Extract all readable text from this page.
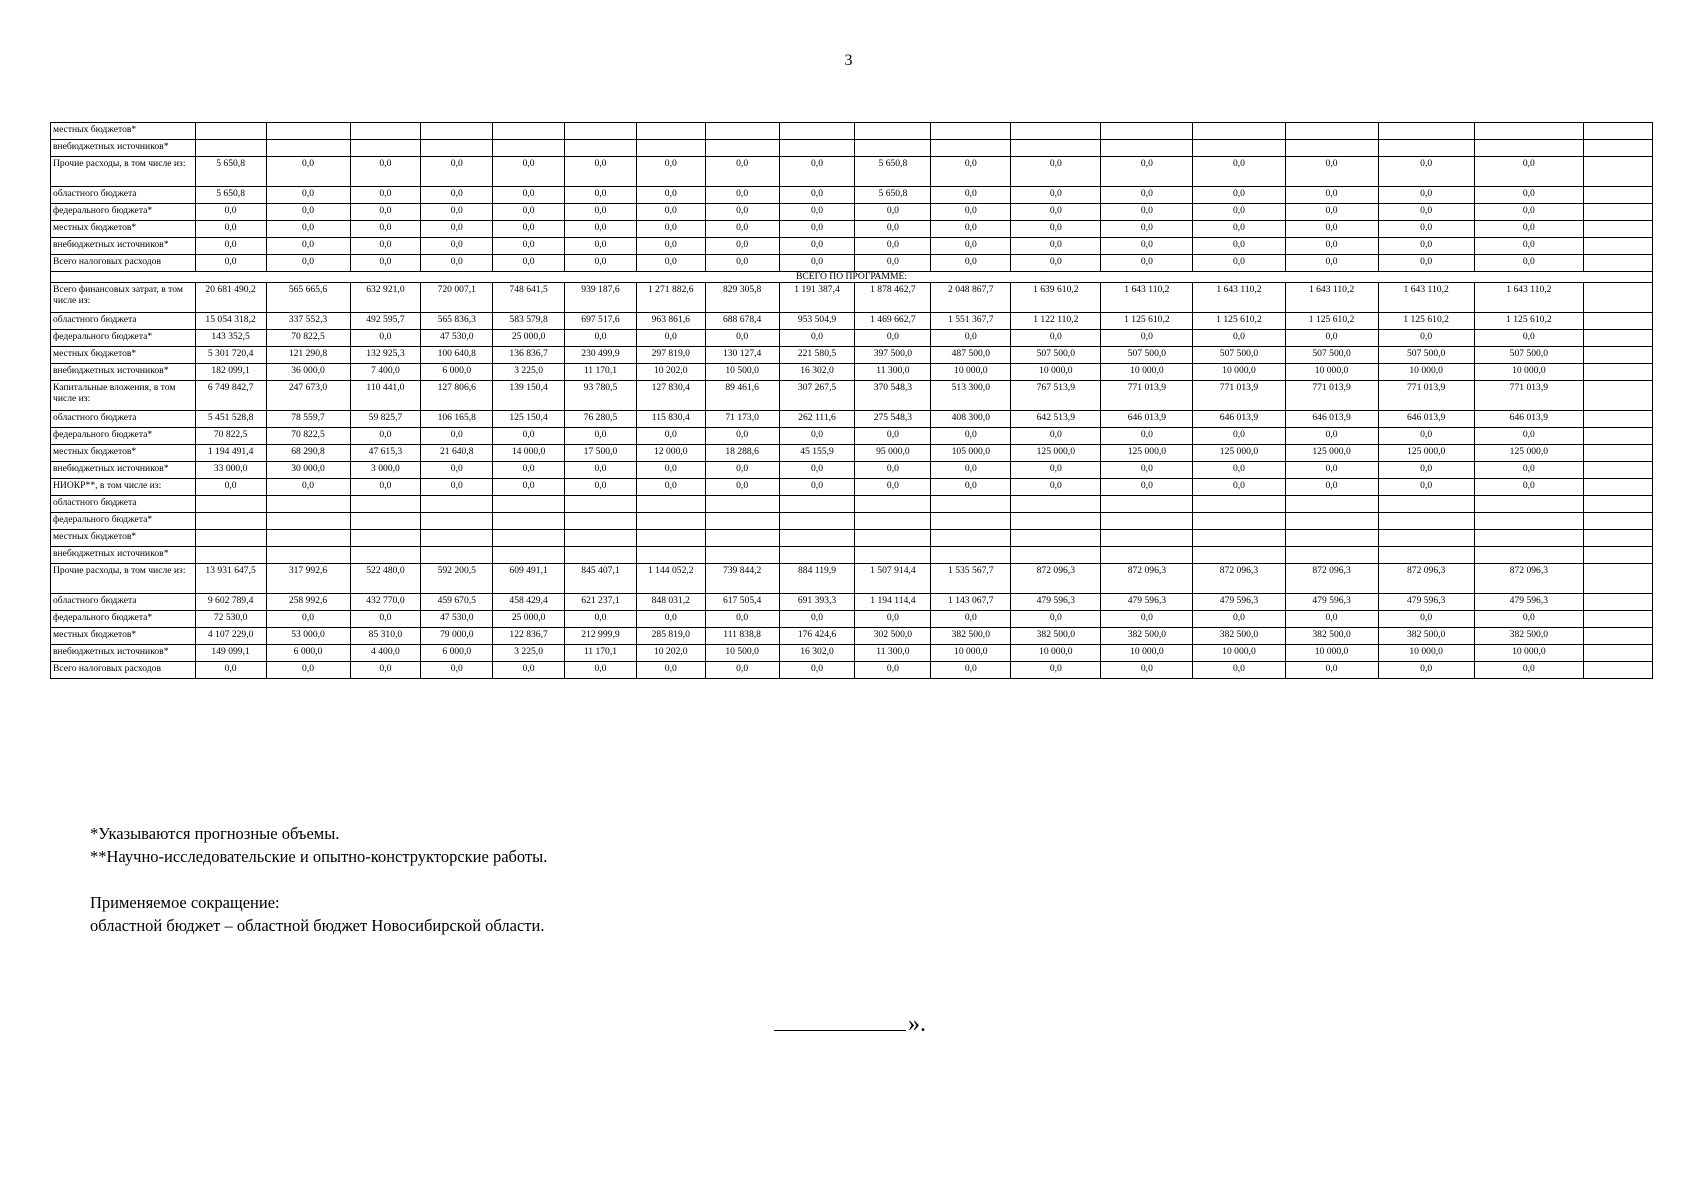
3
местных бюджетов*																		
внебюджетных источников*																		
Прочие расходы, в том числе из:	5 650,8	0,0	0,0	0,0	0,0	0,0	0,0	0,0	0,0	5 650,8	0,0	0,0	0,0	0,0	0,0	0,0	0,0	
областного бюджета	5 650,8	0,0	0,0	0,0	0,0	0,0	0,0	0,0	0,0	5 650,8	0,0	0,0	0,0	0,0	0,0	0,0	0,0	
федерального бюджета*	0,0	0,0	0,0	0,0	0,0	0,0	0,0	0,0	0,0	0,0	0,0	0,0	0,0	0,0	0,0	0,0	0,0	
местных бюджетов*	0,0	0,0	0,0	0,0	0,0	0,0	0,0	0,0	0,0	0,0	0,0	0,0	0,0	0,0	0,0	0,0	0,0	
внебюджетных источников*	0,0	0,0	0,0	0,0	0,0	0,0	0,0	0,0	0,0	0,0	0,0	0,0	0,0	0,0	0,0	0,0	0,0	
Всего налоговых расходов	0,0	0,0	0,0	0,0	0,0	0,0	0,0	0,0	0,0	0,0	0,0	0,0	0,0	0,0	0,0	0,0	0,0	
ВСЕГО ПО ПРОГРАММЕ:																		
Всего финансовых затрат, в том числе из:	20 681 490,2	565 665,6	632 921,0	720 007,1	748 641,5	939 187,6	1 271 882,6	829 305,8	1 191 387,4	1 878 462,7	2 048 867,7	1 639 610,2	1 643 110,2	1 643 110,2	1 643 110,2	1 643 110,2	1 643 110,2	
областного бюджета	15 054 318,2	337 552,3	492 595,7	565 836,3	583 579,8	697 517,6	963 861,6	688 678,4	953 504,9	1 469 662,7	1 551 367,7	1 122 110,2	1 125 610,2	1 125 610,2	1 125 610,2	1 125 610,2	1 125 610,2	
федерального бюджета*	143 352,5	70 822,5	0,0	47 530,0	25 000,0	0,0	0,0	0,0	0,0	0,0	0,0	0,0	0,0	0,0	0,0	0,0	0,0	
местных бюджетов*	5 301 720,4	121 290,8	132 925,3	100 640,8	136 836,7	230 499,9	297 819,0	130 127,4	221 580,5	397 500,0	487 500,0	507 500,0	507 500,0	507 500,0	507 500,0	507 500,0	507 500,0	
внебюджетных источников*	182 099,1	36 000,0	7 400,0	6 000,0	3 225,0	11 170,1	10 202,0	10 500,0	16 302,0	11 300,0	10 000,0	10 000,0	10 000,0	10 000,0	10 000,0	10 000,0	10 000,0	
Капитальные вложения, в том числе из:	6 749 842,7	247 673,0	110 441,0	127 806,6	139 150,4	93 780,5	127 830,4	89 461,6	307 267,5	370 548,3	513 300,0	767 513,9	771 013,9	771 013,9	771 013,9	771 013,9	771 013,9	
областного бюджета	5 451 528,8	78 559,7	59 825,7	106 165,8	125 150,4	76 280,5	115 830,4	71 173,0	262 111,6	275 548,3	408 300,0	642 513,9	646 013,9	646 013,9	646 013,9	646 013,9	646 013,9	
федерального бюджета*	70 822,5	70 822,5	0,0	0,0	0,0	0,0	0,0	0,0	0,0	0,0	0,0	0,0	0,0	0,0	0,0	0,0	0,0	
местных бюджетов*	1 194 491,4	68 290,8	47 615,3	21 640,8	14 000,0	17 500,0	12 000,0	18 288,6	45 155,9	95 000,0	105 000,0	125 000,0	125 000,0	125 000,0	125 000,0	125 000,0	125 000,0	
внебюджетных источников*	33 000,0	30 000,0	3 000,0	0,0	0,0	0,0	0,0	0,0	0,0	0,0	0,0	0,0	0,0	0,0	0,0	0,0	0,0	
НИОКР**, в том числе из:	0,0	0,0	0,0	0,0	0,0	0,0	0,0	0,0	0,0	0,0	0,0	0,0	0,0	0,0	0,0	0,0	0,0	
областного бюджета																		
федерального бюджета*																		
местных бюджетов*																		
внебюджетных источников*																		
Прочие расходы, в том числе из:	13 931 647,5	317 992,6	522 480,0	592 200,5	609 491,1	845 407,1	1 144 052,2	739 844,2	884 119,9	1 507 914,4	1 535 567,7	872 096,3	872 096,3	872 096,3	872 096,3	872 096,3	872 096,3	
областного бюджета	9 602 789,4	258 992,6	432 770,0	459 670,5	458 429,4	621 237,1	848 031,2	617 505,4	691 393,3	1 194 114,4	1 143 067,7	479 596,3	479 596,3	479 596,3	479 596,3	479 596,3	479 596,3	
федерального бюджета*	72 530,0	0,0	0,0	47 530,0	25 000,0	0,0	0,0	0,0	0,0	0,0	0,0	0,0	0,0	0,0	0,0	0,0	0,0	
местных бюджетов*	4 107 229,0	53 000,0	85 310,0	79 000,0	122 836,7	212 999,9	285 819,0	111 838,8	176 424,6	302 500,0	382 500,0	382 500,0	382 500,0	382 500,0	382 500,0	382 500,0	382 500,0	
внебюджетных источников*	149 099,1	6 000,0	4 400,0	6 000,0	3 225,0	11 170,1	10 202,0	10 500,0	16 302,0	11 300,0	10 000,0	10 000,0	10 000,0	10 000,0	10 000,0	10 000,0	10 000,0	
Всего налоговых расходов	0,0	0,0	0,0	0,0	0,0	0,0	0,0	0,0	0,0	0,0	0,0	0,0	0,0	0,0	0,0	0,0	0,0	
*Указываются прогнозные объемы.
**Научно-исследовательские и опытно-конструкторские работы.
Применяемое сокращение:
областной бюджет – областной бюджет Новосибирской области.
».
